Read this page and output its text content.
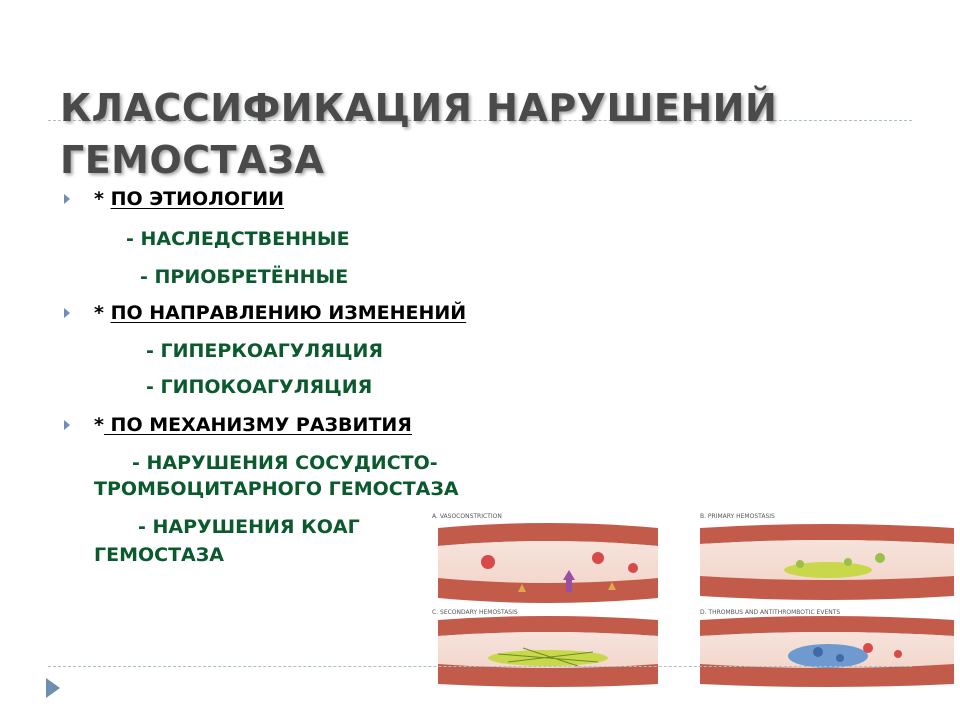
КЛАССИФИКАЦИЯ НАРУШЕНИЙ ГЕМОСТАЗА
* ПО ЭТИОЛОГИИ
- НАСЛЕДСТВЕННЫЕ
- ПРИОБРЕТЁННЫЕ
* ПО НАПРАВЛЕНИЮ ИЗМЕНЕНИЙ
- ГИПЕРКОАГУЛЯЦИЯ
- ГИПОКОАГУЛЯЦИЯ
* ПО МЕХАНИЗМУ РАЗВИТИЯ
- НАРУШЕНИЯ СОСУДИСТО-
ТРОМБОЦИТАРНОГО ГЕМОСТАЗА
- НАРУШЕНИЯ КОАГ
ГЕМОСТАЗА
A. VASOCONSTRICTION	B. PRIMARY HEMOSTASIS
C. SECONDARY HEMOSTASIS	D. THROMBUS AND ANTITHROMBOTIC EVENTS
